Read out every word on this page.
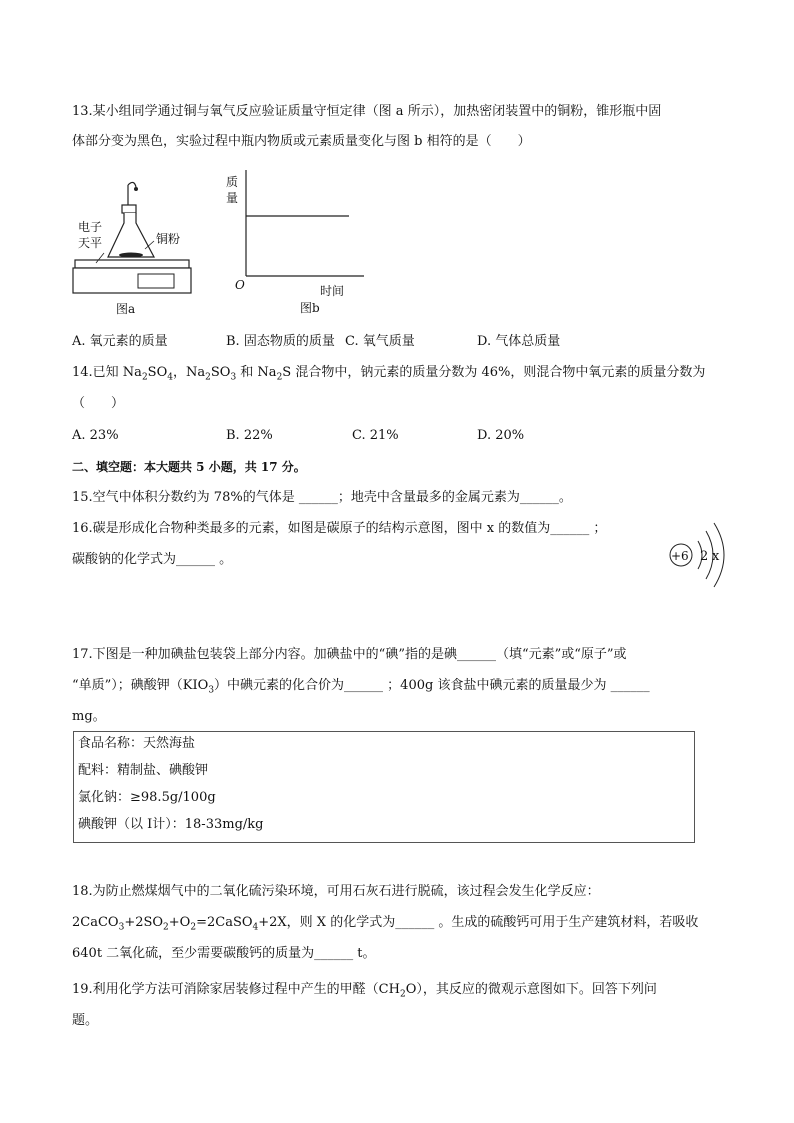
13.某小组同学通过铜与氧气反应验证质量守恒定律（图 a 所示），加热密闭装置中的铜粉，锥形瓶中固
体部分变为黑色，实验过程中瓶内物质或元素质量变化与图 b 相符的是（　　）
电子
天平	铜粉
图a
质
量
O	时间
图b
A. 氧元素的质量	B. 固态物质的质量 C. 氧气质量	D. 气体总质量
14.已知 $Na_2SO_4$，$Na_2SO_3$ 和 $Na_2S$ 混合物中，钠元素的质量分数为 46%，则混合物中氧元素的质量分数为
（　　）
A. 23%	B. 22%	C. 21%	D. 20%
二、填空题：本大题共 5 小题，共 17 分。
15.空气中体积分数约为 78%的气体是 ______；地壳中含量最多的金属元素为______。
16.碳是形成化合物种类最多的元素，如图是碳原子的结构示意图，图中 x 的数值为______ ；
碳酸钠的化学式为______ 。	+6 2 x
17.下图是一种加碘盐包装袋上部分内容。加碘盐中的“碘”指的是碘______（填“元素”或“原子”或
“单质”）；碘酸钾$(KIO_3)$中碘元素的化合价为______ ；400g 该食盐中碘元素的质量最少为 ______
mg。
食品名称：天然海盐
配料：精制盐、碘酸钾
氯化钠：≥98.5g/100g
碘酸钾（以 I计）：18-33mg/kg
18.为防止燃煤烟气中的二氧化硫污染环境，可用石灰石进行脱硫，该过程会发生化学反应：
$2CaCO_3+2SO_2+O_2=2CaSO_4+2X$，则 X 的化学式为______ 。生成的硫酸钙可用于生产建筑材料，若吸收
640t 二氧化硫，至少需要碳酸钙的质量为______ t。
19.利用化学方法可消除家居装修过程中产生的甲醛$(CH_2O)$，其反应的微观示意图如下。回答下列问
题。
